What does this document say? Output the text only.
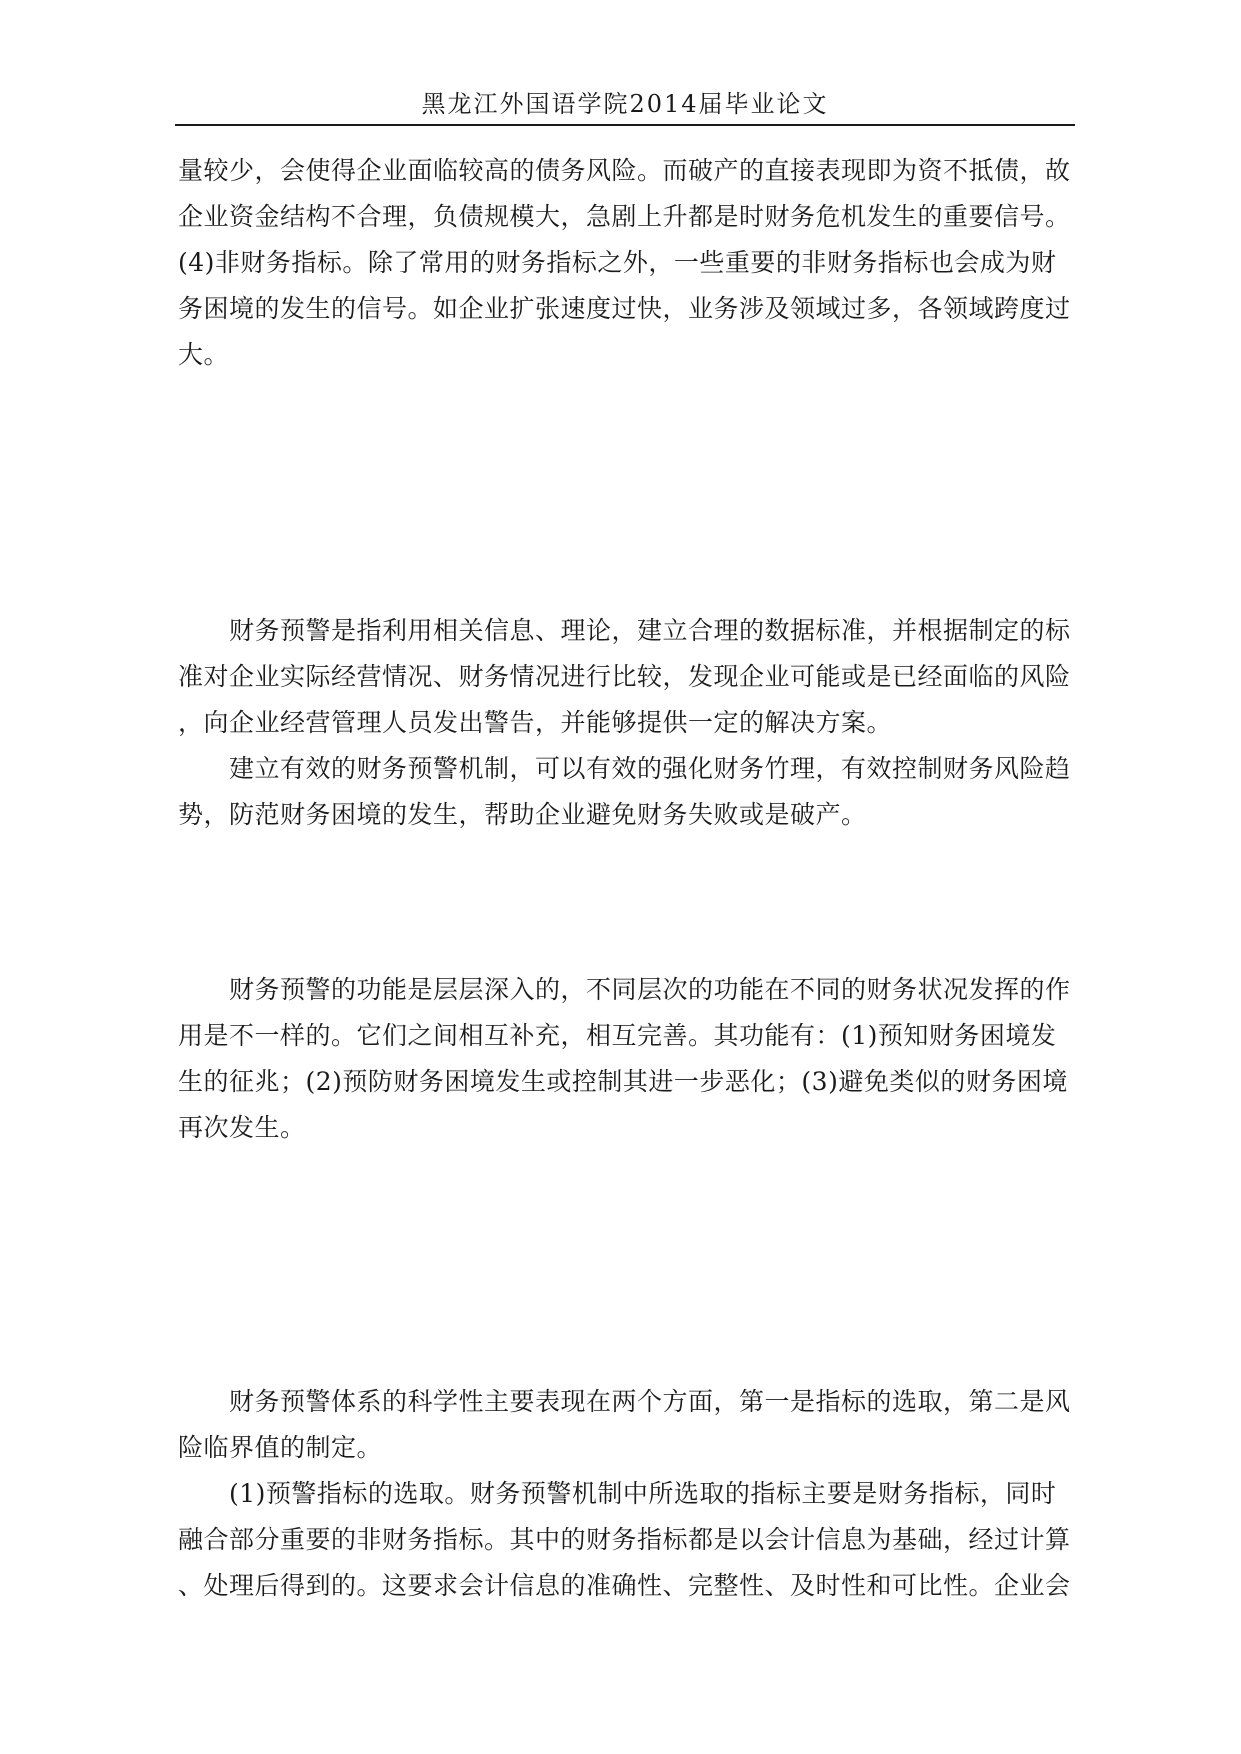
黑龙江外国语学院2014届毕业论文
量较少，会使得企业面临较高的债务风险。而破产的直接表现即为资不抵债，故
企业资金结构不合理，负债规模大，急剧上升都是时财务危机发生的重要信号。
(4)非财务指标。除了常用的财务指标之外，一些重要的非财务指标也会成为财
务困境的发生的信号。如企业扩张速度过快，业务涉及领域过多，各领域跨度过
大。
　　财务预警是指利用相关信息、理论，建立合理的数据标准，并根据制定的标
准对企业实际经营情况、财务情况进行比较，发现企业可能或是已经面临的风险
，向企业经营管理人员发出警告，并能够提供一定的解决方案。
　　建立有效的财务预警机制，可以有效的强化财务竹理，有效控制财务风险趋
势，防范财务困境的发生，帮助企业避免财务失败或是破产。
　　财务预警的功能是层层深入的，不同层次的功能在不同的财务状况发挥的作
用是不一样的。它们之间相互补充，相互完善。其功能有：(1)预知财务困境发
生的征兆；(2)预防财务困境发生或控制其进一步恶化；(3)避免类似的财务困境
再次发生。
　　财务预警体系的科学性主要表现在两个方面，第一是指标的选取，第二是风
险临界值的制定。
　　(1)预警指标的选取。财务预警机制中所选取的指标主要是财务指标，同时
融合部分重要的非财务指标。其中的财务指标都是以会计信息为基础，经过计算
、处理后得到的。这要求会计信息的准确性、完整性、及时性和可比性。企业会
